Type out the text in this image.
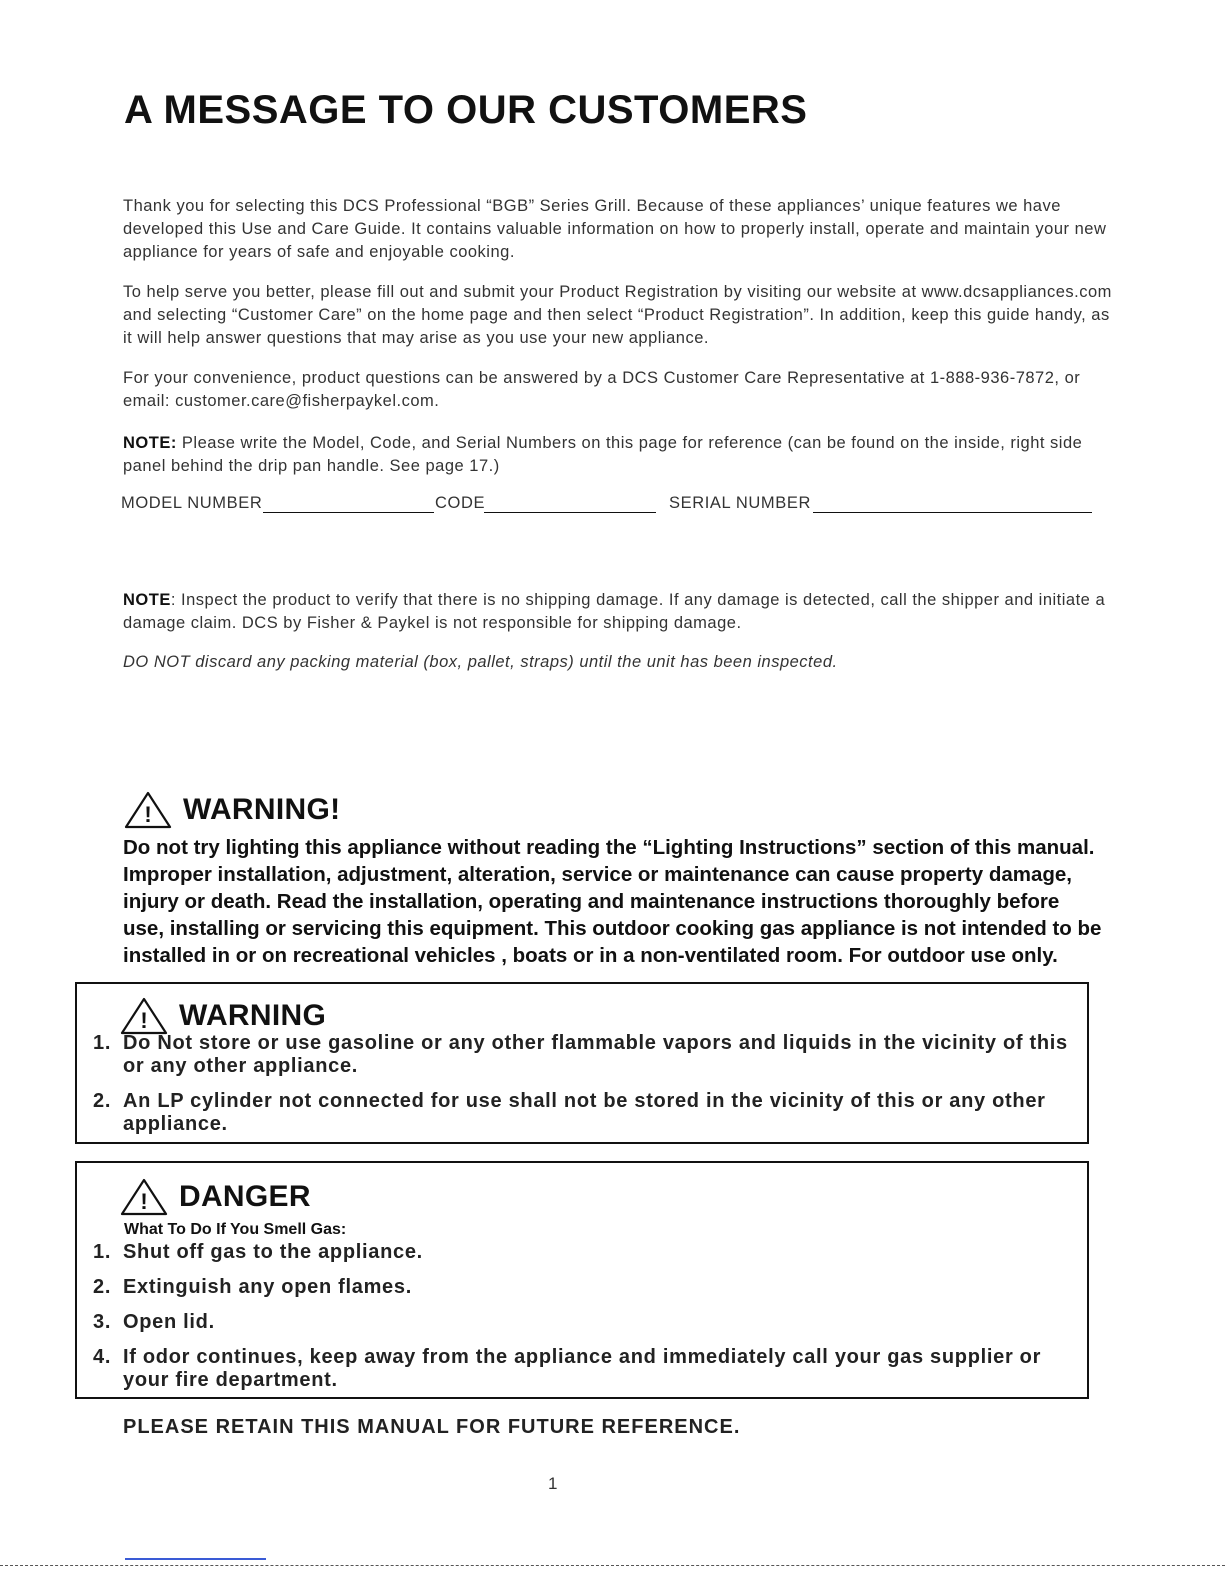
A MESSAGE TO OUR CUSTOMERS

Thank you for selecting this DCS Professional “BGB” Series Grill. Because of these appliances’ unique features we have developed this Use and Care Guide. It contains valuable information on how to properly install, operate and maintain your new appliance for years of safe and enjoyable cooking.

To help serve you better, please fill out and submit your Product Registration by visiting our website at www.dcsappliances.com and selecting “Customer Care” on the home page and then select “Product Registration”. In addition, keep this guide handy, as it will help answer questions that may arise as you use your new appliance.

For your convenience, product questions can be answered by a DCS Customer Care Representative at 1-888-936-7872, or email: customer.care@fisherpaykel.com.

NOTE: Please write the Model, Code, and Serial Numbers on this page for reference (can be found on the inside, right side panel behind the drip pan handle. See page 17.)

MODEL NUMBER	CODE	SERIAL NUMBER

NOTE: Inspect the product to verify that there is no shipping damage. If any damage is detected, call the shipper and initiate a damage claim. DCS by Fisher & Paykel is not responsible for shipping damage.

DO NOT discard any packing material (box, pallet, straps) until the unit has been inspected.

! WARNING!
Do not try lighting this appliance without reading the “Lighting Instructions” section of this manual. Improper installation, adjustment, alteration, service or maintenance can cause property damage, injury or death. Read the installation, operating and maintenance instructions thoroughly before use, installing or servicing this equipment. This outdoor cooking gas appliance is not intended to be installed in or on recreational vehicles , boats or in a non-ventilated room. For outdoor use only.
! WARNING
1. Do Not store or use gasoline or any other flammable vapors and liquids in the vicinity of this or any other appliance.
2. An LP cylinder not connected for use shall not be stored in the vicinity of this or any other appliance.
! DANGER
What To Do If You Smell Gas:
1. Shut off gas to the appliance.
2. Extinguish any open flames.
3. Open lid.
4. If odor continues, keep away from the appliance and immediately call your gas supplier or your fire department.
PLEASE RETAIN THIS MANUAL FOR FUTURE REFERENCE.
1
